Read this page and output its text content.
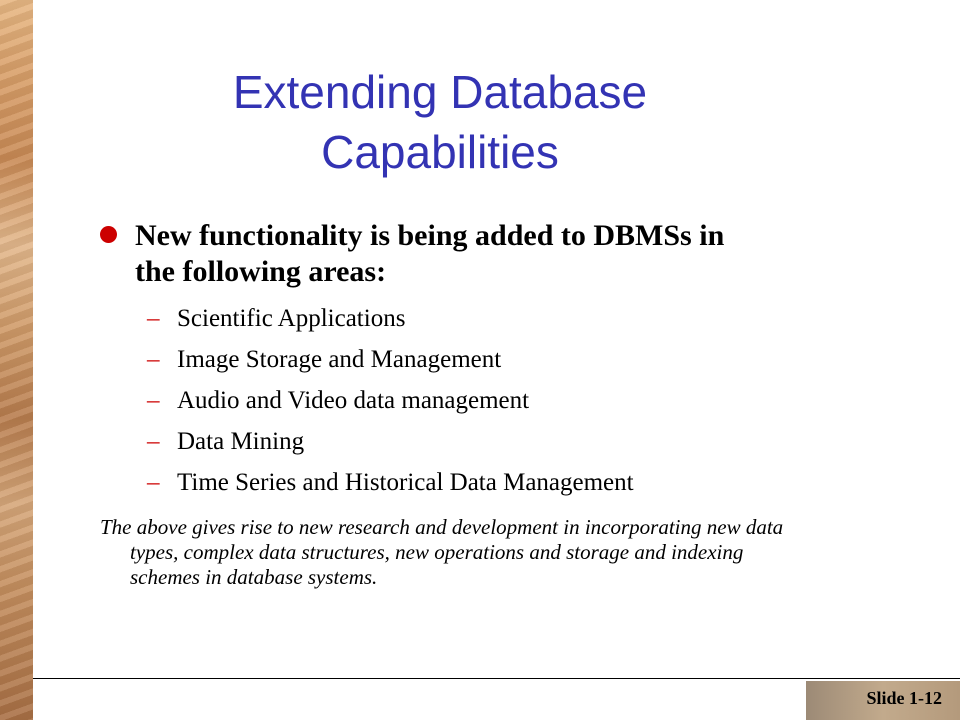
Extending Database
Capabilities
New functionality is being added to DBMSs in the following areas:
– Scientific Applications
– Image Storage and Management
– Audio and Video data management
– Data Mining
– Time Series and Historical Data Management
The above gives rise to new research and development in incorporating new data types, complex data structures, new operations and storage and indexing schemes in database systems.
Slide 1-12
